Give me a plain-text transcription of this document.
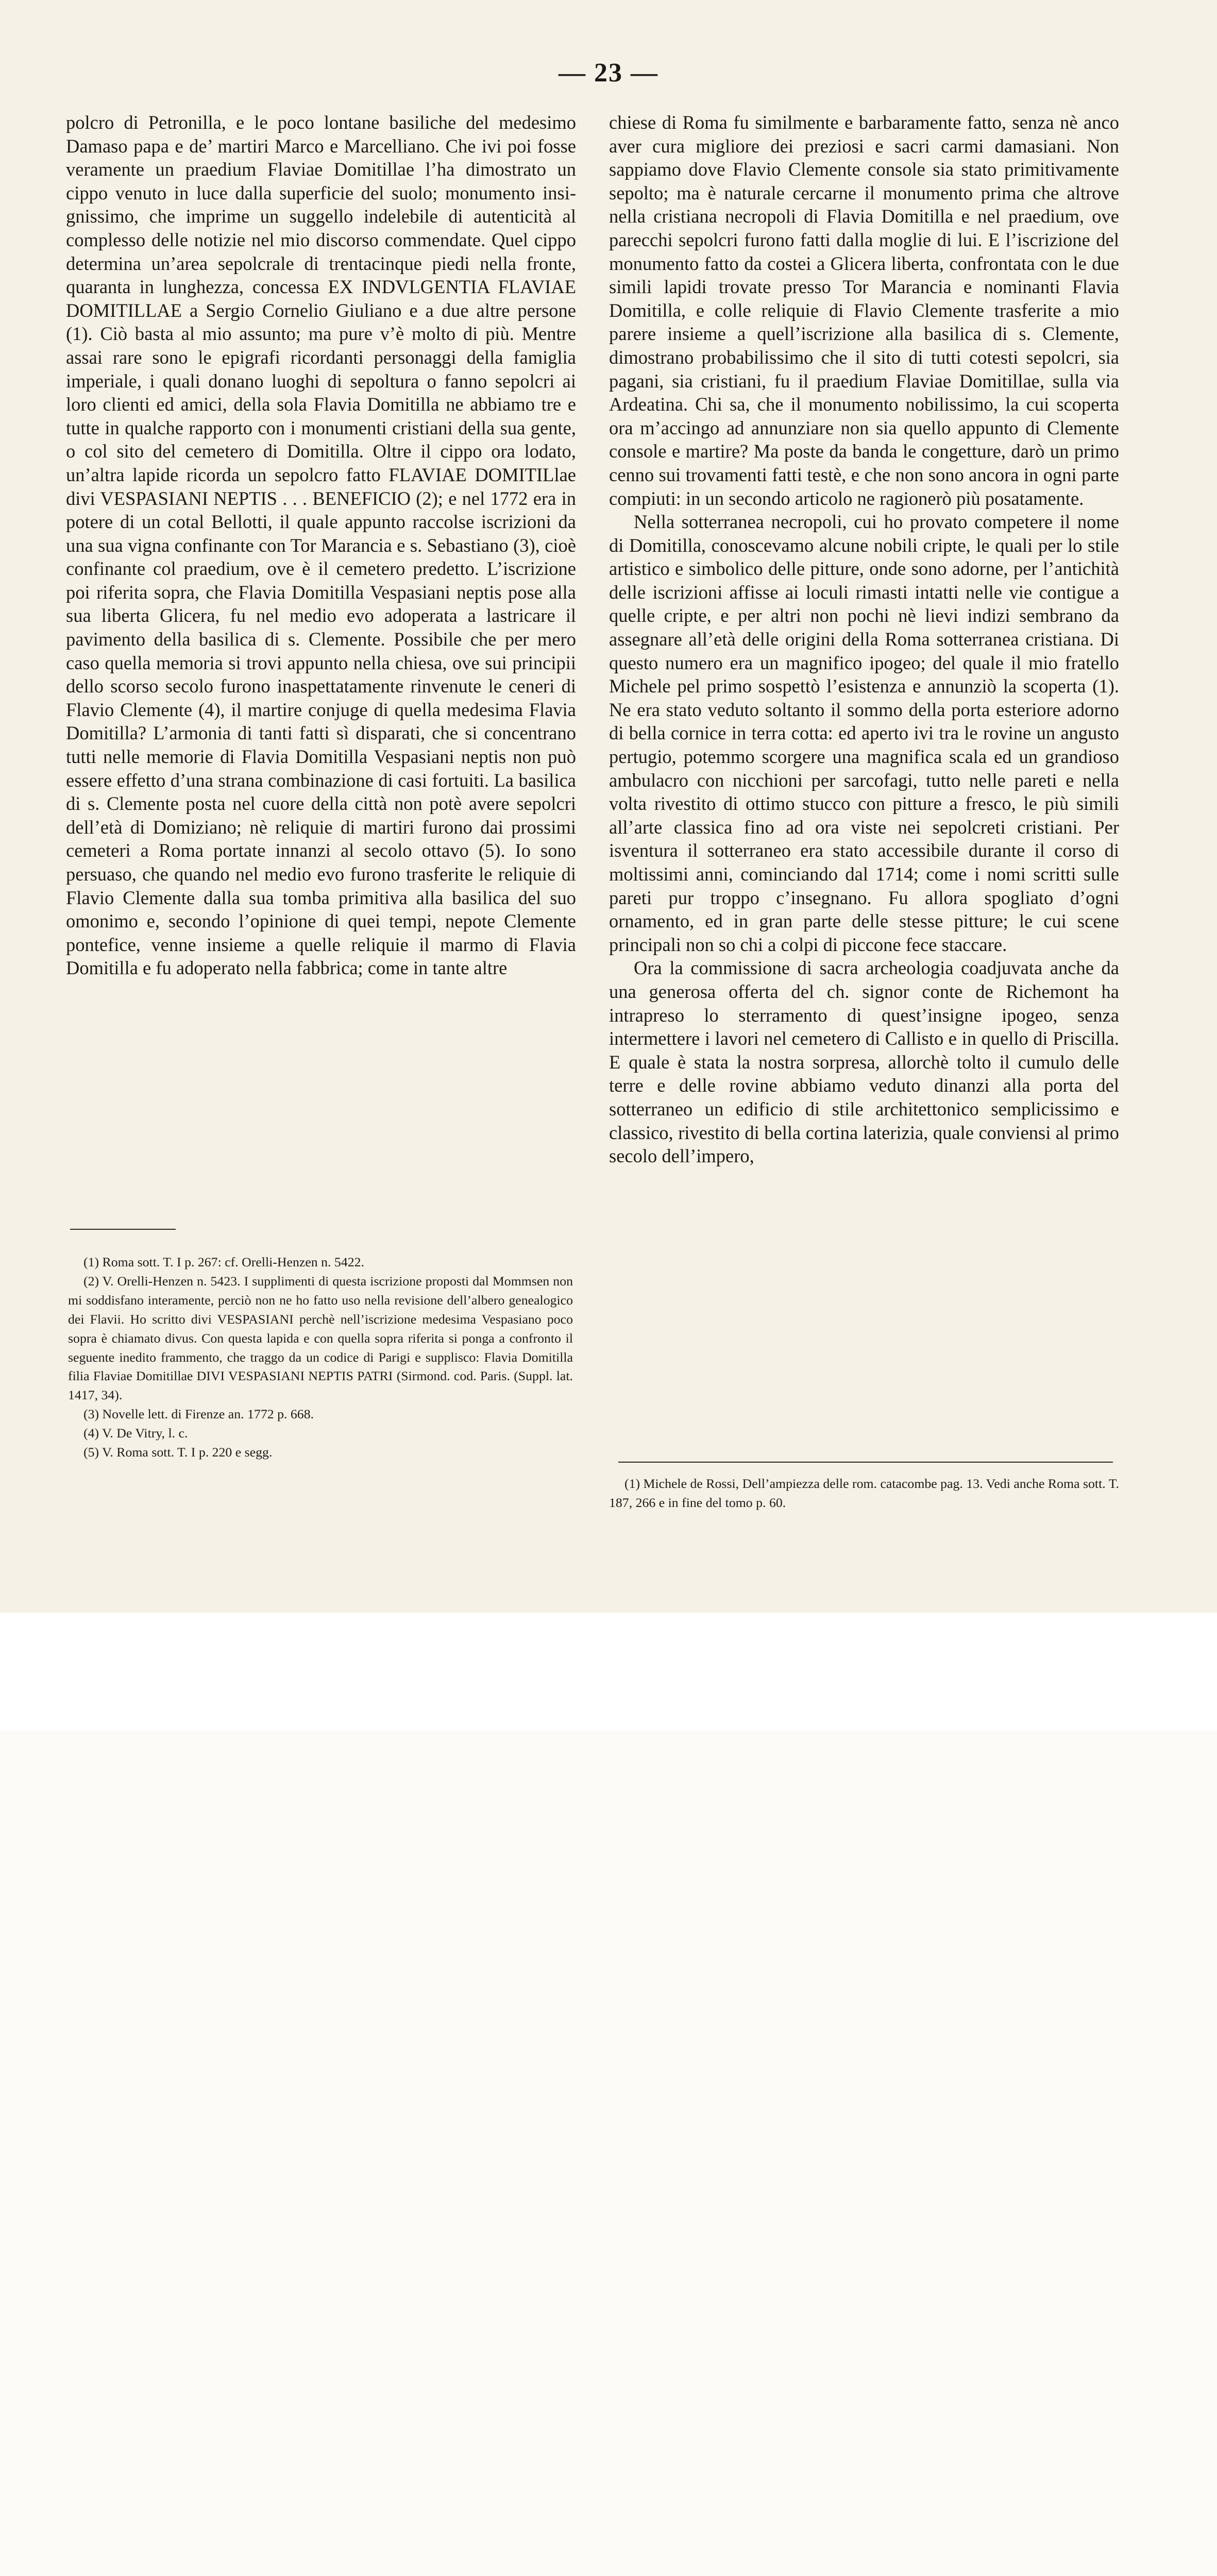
— 23 —

polcro di Petronilla, e le poco lontane basiliche del medesimo Damaso papa e de’ martiri Marco e Marcelliano. Che ivi poi fosse veramente un praedium Flaviae Domitillae l’ha dimostrato un cippo venuto in luce dalla superficie del suolo; monumento insignissimo, che imprime un suggello indelebile di autenticità al complesso delle notizie nel mio discorso commendate. Quel cippo determina un’area sepolcrale di trentacinque piedi nella fronte, quaranta in lunghezza, concessa EX INDVLGENTIA FLAVIAE DOMITILLAE a Sergio Cornelio Giuliano e a due altre persone (1). Ciò basta al mio assunto; ma pure v’è molto di più. Mentre assai rare sono le epigrafi ricordanti personaggi della famiglia imperiale, i quali donano luoghi di sepoltura o fanno sepolcri ai loro clienti ed amici, della sola Flavia Domitilla ne abbiamo tre e tutte in qualche rapporto con i monumenti cristiani della sua gente, o col sito del cemetero di Domitilla. Oltre il cippo ora lodato, un’altra lapide ricorda un sepolcro fatto FLAVIAE DOMITILlae divi VESPASIANI NEPTIS . . . BENEFICIO (2); e nel 1772 era in potere di un cotal Bellotti, il quale appunto raccolse iscrizioni da una sua vigna confinante con Tor Marancia e s. Sebastiano (3), cioè confinante col praedium, ove è il cemetero predetto. L’iscrizione poi riferita sopra, che Flavia Domitilla Vespasiani neptis pose alla sua liberta Glicera, fu nel medio evo adoperata a lastricare il pavimento della basilica di s. Clemente. Possibile che per mero caso quella memoria si trovi appunto nella chiesa, ove sui principii dello scorso secolo furono inaspettatamente rinvenute le ceneri di Flavio Clemente (4), il martire conjuge di quella medesima Flavia Domitilla? L’armonia di tanti fatti sì disparati, che si concentrano tutti nelle memorie di Flavia Domitilla Vespasiani neptis non può essere effetto d’una strana combinazione di casi fortuiti. La basilica di s. Clemente posta nel cuore della città non potè avere sepolcri dell’età di Domiziano; nè reliquie di martiri furono dai prossimi cemeteri a Roma portate innanzi al secolo ottavo (5). Io sono persuaso, che quando nel medio evo furono trasferite le reliquie di Flavio Clemente dalla sua tomba primitiva alla basilica del suo omonimo e, secondo l’opinione di quei tempi, nepote Clemente pontefice, venne insieme a quelle reliquie il marmo di Flavia Domitilla e fu adoperato nella fabbrica; come in tante altre

chiese di Roma fu similmente e barbaramente fatto, senza nè anco aver cura migliore dei preziosi e sacri carmi damasiani. Non sappiamo dove Flavio Clemente console sia stato primitivamente sepolto; ma è naturale cercarne il monumento prima che altrove nella cristiana necropoli di Flavia Domitilla e nel praedium, ove parecchi sepolcri furono fatti dalla moglie di lui. E l’iscrizione del monumento fatto da costei a Glicera liberta, confrontata con le due simili lapidi trovate presso Tor Marancia e nominanti Flavia Domitilla, e colle reliquie di Flavio Clemente trasferite a mio parere insieme a quell’iscrizione alla basilica di s. Clemente, dimostrano probabilissimo che il sito di tutti cotesti sepolcri, sia pagani, sia cristiani, fu il praedium Flaviae Domitillae, sulla via Ardeatina. Chi sa, che il monumento nobilissimo, la cui scoperta ora m’accingo ad annunziare non sia quello appunto di Clemente console e martire? Ma poste da banda le congetture, darò un primo cenno sui trovamenti fatti testè, e che non sono ancora in ogni parte compiuti: in un secondo articolo ne ragionerò più posatamente.

Nella sotterranea necropoli, cui ho provato competere il nome di Domitilla, conoscevamo alcune nobili cripte, le quali per lo stile artistico e simbolico delle pitture, onde sono adorne, per l’antichità delle iscrizioni affisse ai loculi rimasti intatti nelle vie contigue a quelle cripte, e per altri non pochi nè lievi indizi sembrano da assegnare all’età delle origini della Roma sotterranea cristiana. Di questo numero era un magnifico ipogeo; del quale il mio fratello Michele pel primo sospettò l’esistenza e annunziò la scoperta (1). Ne era stato veduto soltanto il sommo della porta esteriore adorno di bella cornice in terra cotta: ed aperto ivi tra le rovine un angusto pertugio, potemmo scorgere una magnifica scala ed un grandioso ambulacro con nicchioni per sarcofagi, tutto nelle pareti e nella volta rivestito di ottimo stucco con pitture a fresco, le più simili all’arte classica fino ad ora viste nei sepolcreti cristiani. Per isventura il sotterraneo era stato accessibile durante il corso di moltissimi anni, cominciando dal 1714; come i nomi scritti sulle pareti pur troppo c’insegnano. Fu allora spogliato d’ogni ornamento, ed in gran parte delle stesse pitture; le cui scene principali non so chi a colpi di piccone fece staccare.

Ora la commissione di sacra archeologia coadjuvata anche da una generosa offerta del ch. signor conte de Richemont ha intrapreso lo sterramento di quest’insigne ipogeo, senza intermettere i lavori nel cemetero di Callisto e in quello di Priscilla. E quale è stata la nostra sorpresa, allorchè tolto il cumulo delle terre e delle rovine abbiamo veduto dinanzi alla porta del sotterraneo un edificio di stile architettonico semplicissimo e classico, rivestito di bella cortina laterizia, quale conviensi al primo secolo dell’impero,

(1) Roma sott. T. I p. 267: cf. Orelli-Henzen n. 5422.

(2) V. Orelli-Henzen n. 5423. I supplimenti di questa iscrizione proposti dal Mommsen non mi soddisfano interamente, perciò non ne ho fatto uso nella revisione dell’albero genealogico dei Flavii. Ho scritto divi VESPASIANI perchè nell’iscrizione medesima Vespasiano poco sopra è chiamato divus. Con questa lapida e con quella sopra riferita si ponga a confronto il seguente inedito frammento, che traggo da un codice di Parigi e supplisco: Flavia Domitilla filia Flaviae Domitillae DIVI VESPASIANI NEPTIS PATRI (Sirmond. cod. Paris. (Suppl. lat. 1417, 34).

(3) Novelle lett. di Firenze an. 1772 p. 668.

(4) V. De Vitry, l. c.

(5) V. Roma sott. T. I p. 220 e segg.

(1) Michele de Rossi, Dell’ampiezza delle rom. catacombe pag. 13. Vedi anche Roma sott. T. 187, 266 e in fine del tomo p. 60.
